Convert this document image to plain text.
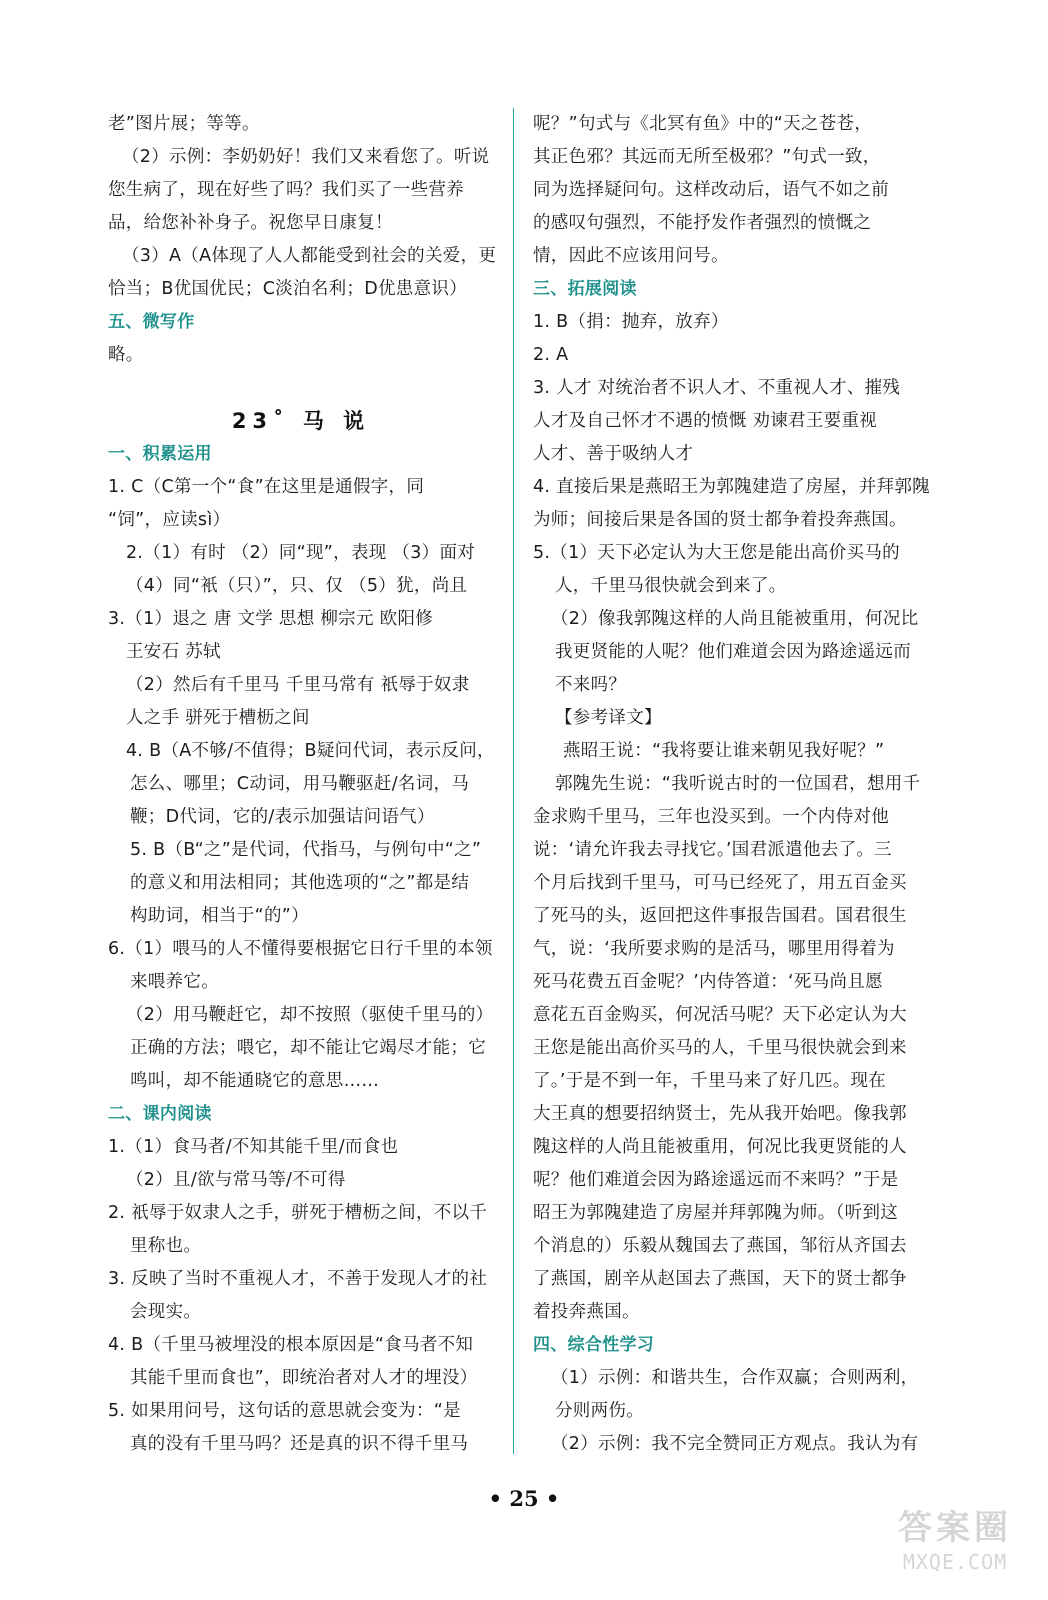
老”图片展；等等。
（2）示例：李奶奶好！我们又来看您了。听说
您生病了，现在好些了吗？我们买了一些营养
品，给您补补身子。祝您早日康复！
（3）A（A体现了人人都能受到社会的关爱，更
恰当；B优国优民；C淡泊名利；D优患意识）
五、微写作
略。
23˚ 马 说
一、积累运用
1. C（C第一个“食”在这里是通假字，同
“饲”，应读sì）
2.（1）有时 （2）同“现”，表现 （3）面对
（4）同“衹（只）”，只、仅 （5）犹，尚且
3.（1）退之 唐 文学 思想 柳宗元 欧阳修
王安石 苏轼
（2）然后有千里马 千里马常有 祇辱于奴隶
人之手 骈死于槽枥之间
4. B（A不够/不值得；B疑问代词，表示反问，
怎么、哪里；C动词，用马鞭驱赶/名词，马
鞭；D代词，它的/表示加强诘问语气）
5. B（B“之”是代词，代指马，与例句中“之”
的意义和用法相同；其他选项的“之”都是结
构助词，相当于“的”）
6.（1）喂马的人不懂得要根据它日行千里的本领
来喂养它。
（2）用马鞭赶它，却不按照（驱使千里马的）
正确的方法；喂它，却不能让它竭尽才能；它
鸣叫，却不能通晓它的意思……
二、课内阅读
1.（1）食马者/不知其能千里/而食也
（2）且/欲与常马等/不可得
2. 祇辱于奴隶人之手，骈死于槽枥之间，不以千
里称也。
3. 反映了当时不重视人才，不善于发现人才的社
会现实。
4. B（千里马被埋没的根本原因是“食马者不知
其能千里而食也”，即统治者对人才的埋没）
5. 如果用问号，这句话的意思就会变为：“是
真的没有千里马吗？还是真的识不得千里马
呢？”句式与《北冥有鱼》中的“天之苍苍，
其正色邪？其远而无所至极邪？”句式一致，
同为选择疑问句。这样改动后，语气不如之前
的感叹句强烈，不能抒发作者强烈的愤慨之
情，因此不应该用问号。
三、拓展阅读
1. B（捐：抛弃，放弃）
2. A
3. 人才 对统治者不识人才、不重视人才、摧残
人才及自己怀才不遇的愤慨 劝谏君王要重视
人才、善于吸纳人才
4. 直接后果是燕昭王为郭隗建造了房屋，并拜郭隗
为师；间接后果是各国的贤士都争着投奔燕国。
5.（1）天下必定认为大王您是能出高价买马的
人，千里马很快就会到来了。
（2）像我郭隗这样的人尚且能被重用，何况比
我更贤能的人呢？他们难道会因为路途遥远而
不来吗？
【参考译文】
燕昭王说：“我将要让谁来朝见我好呢？”
郭隗先生说：“我听说古时的一位国君，想用千
金求购千里马，三年也没买到。一个内侍对他
说：‘请允许我去寻找它。’国君派遣他去了。三
个月后找到千里马，可马已经死了，用五百金买
了死马的头，返回把这件事报告国君。国君很生
气，说：‘我所要求购的是活马，哪里用得着为
死马花费五百金呢？’内侍答道：‘死马尚且愿
意花五百金购买，何况活马呢？天下必定认为大
王您是能出高价买马的人，千里马很快就会到来
了。’于是不到一年，千里马来了好几匹。现在
大王真的想要招纳贤士，先从我开始吧。像我郭
隗这样的人尚且能被重用，何况比我更贤能的人
呢？他们难道会因为路途遥远而不来吗？”于是
昭王为郭隗建造了房屋并拜郭隗为师。（听到这
个消息的）乐毅从魏国去了燕国，邹衍从齐国去
了燕国，剧辛从赵国去了燕国，天下的贤士都争
着投奔燕国。
四、综合性学习
（1）示例：和谐共生，合作双赢；合则两利，
分则两伤。
（2）示例：我不完全赞同正方观点。我认为有
• 25 •
答案圈
MXQE.COM
